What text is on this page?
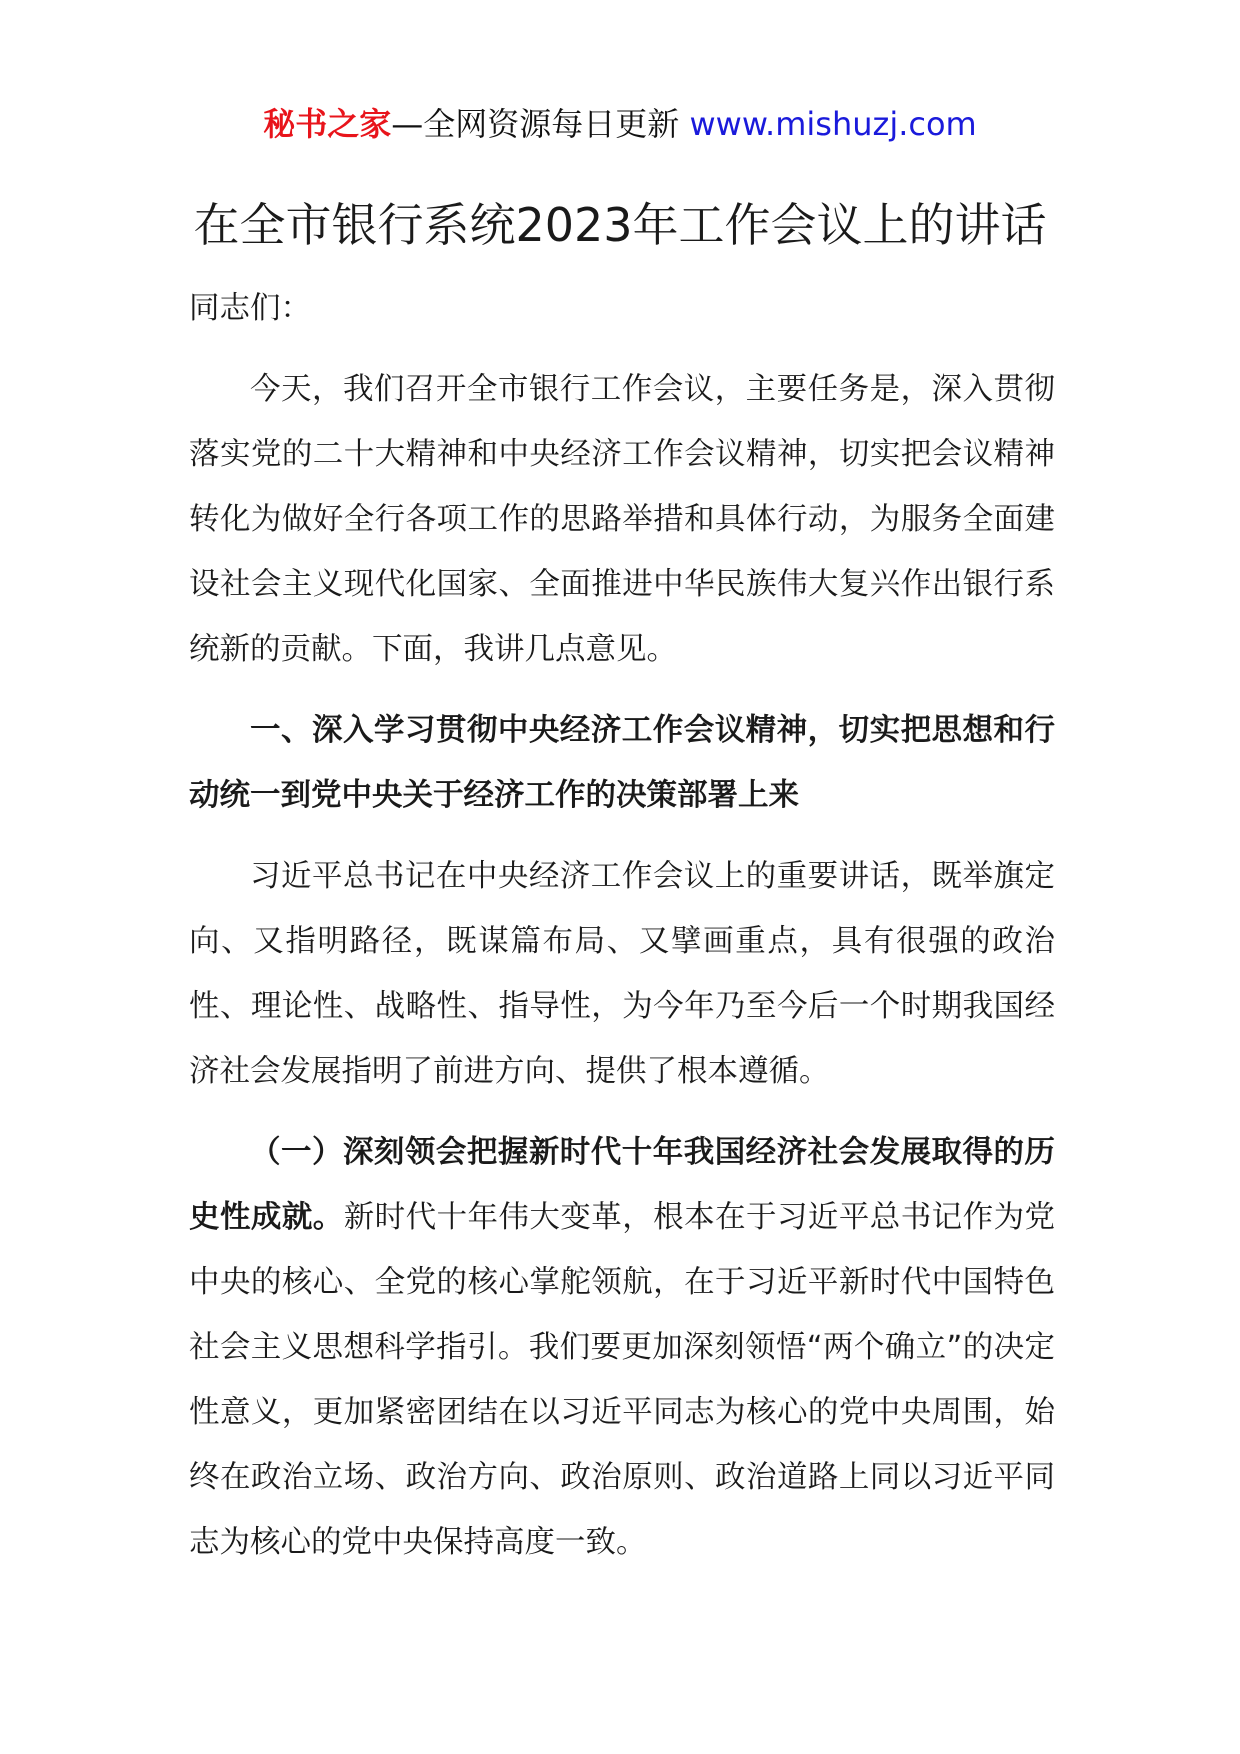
秘书之家—全网资源每日更新 www.mishuzj.com
在全市银行系统2023年工作会议上的讲话

同志们：

今天，我们召开全市银行工作会议，主要任务是，深入贯彻落实党的二十大精神和中央经济工作会议精神，切实把会议精神转化为做好全行各项工作的思路举措和具体行动，为服务全面建设社会主义现代化国家、全面推进中华民族伟大复兴作出银行系统新的贡献。下面，我讲几点意见。

一、深入学习贯彻中央经济工作会议精神，切实把思想和行动统一到党中央关于经济工作的决策部署上来

习近平总书记在中央经济工作会议上的重要讲话，既举旗定向、又指明路径，既谋篇布局、又擘画重点，具有很强的政治性、理论性、战略性、指导性，为今年乃至今后一个时期我国经济社会发展指明了前进方向、提供了根本遵循。

（一）深刻领会把握新时代十年我国经济社会发展取得的历史性成就。新时代十年伟大变革，根本在于习近平总书记作为党中央的核心、全党的核心掌舵领航，在于习近平新时代中国特色社会主义思想科学指引。我们要更加深刻领悟“两个确立”的决定性意义，更加紧密团结在以习近平同志为核心的党中央周围，始终在政治立场、政治方向、政治原则、政治道路上同以习近平同志为核心的党中央保持高度一致。
